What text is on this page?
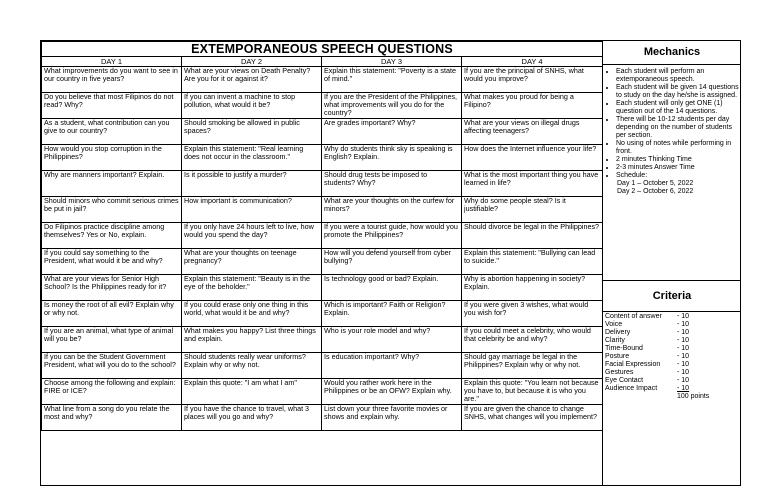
EXTEMPORANEOUS SPEECH QUESTIONS			
DAY 1	DAY 2	DAY 3	DAY 4
What improvements do you want to see in our country in five years?	What are your views on Death Penalty? Are you for it or against it?	Explain this statement: "Poverty is a state of mind."	If you are the principal of SNHS, what would you improve?
Do you believe that most Filipinos do not read? Why?	If you can invent a machine to stop pollution, what would it be?	If you are the President of the Philippines, what improvements will you do for the country?	What makes you proud for being a Filipino?
As a student, what contribution can you give to our country?	Should smoking be allowed in public spaces?	Are grades important? Why?	What are your views on illegal drugs affecting teenagers?
How would you stop corruption in the Philippines?	Explain this statement: "Real learning does not occur in the classroom."	Why do students think sky is speaking is English? Explain.	How does the Internet influence your life?
Why are manners important? Explain.	Is it possible to justify a murder?	Should drug tests be imposed to students? Why?	What is the most important thing you have learned in life?
Should minors who commit serious crimes be put in jail?	How important is communication?	What are your thoughts on the curfew for minors?	Why do some people steal? Is it justifiable?
Do Filipinos practice discipline among themselves? Yes or No, explain.	If you only have 24 hours left to live, how would you spend the day?	If you were a tourist guide, how would you promote the Philippines?	Should divorce be legal in the Philippines?
If you could say something to the President, what would it be and why?	What are your thoughts on teenage pregnancy?	How will you defend yourself from cyber bullying?	Explain this statement: "Bullying can lead to suicide."
What are your views for Senior High School? Is the Philippines ready for it?	Explain this statement: "Beauty is in the eye of the beholder."	Is technology good or bad? Explain.	Why is abortion happening in society? Explain.
Is money the root of all evil? Explain why or why not.	If you could erase only one thing in this world, what would it be and why?	Which is important? Faith or Religion? Explain.	If you were given 3 wishes, what would you wish for?
If you are an animal, what type of animal will you be?	What makes you happy? List three things and explain.	Who is your role model and why?	If you could meet a celebrity, who would that celebrity be and why?
If you can be the Student Government President, what will you do to the school?	Should students really wear uniforms? Explain why or why not.	Is education important? Why?	Should gay marriage be legal in the Philippines? Explain why or why not.
Choose among the following and explain: FIRE or ICE?	Explain this quote: "I am what I am"	Would you rather work here in the Philippines or be an OFW? Explain why.	Explain this quote: "You learn not because you have to, but because it is who you are."
What line from a song do you relate the most and why?	If you have the chance to travel, what 3 places will you go and why?	List down your three favorite movies or shows and explain why.	If you are given the chance to change SNHS, what changes will you implement?
Mechanics
• Each student will perform an extemporaneous speech.
• Each student will be given 14 questions to study on the day he/she is assigned.
• Each student will only get ONE (1) question out of the 14 questions.
• There will be 10-12 students per day depending on the number of students per section.
• No using of notes while performing in front.
• 2 minutes Thinking Time
• 2-3 minutes Answer Time
• Schedule:
Day 1 – October 5, 2022
Day 2 – October 6, 2022
Criteria
Content of answer	- 10
Voice	- 10
Delivery	- 10
Clarity	- 10
Time-Bound	- 10
Posture	- 10
Facial Expression	- 10
Gestures	- 10
Eye Contact	- 10
Audience Impact	- 10
100 points
